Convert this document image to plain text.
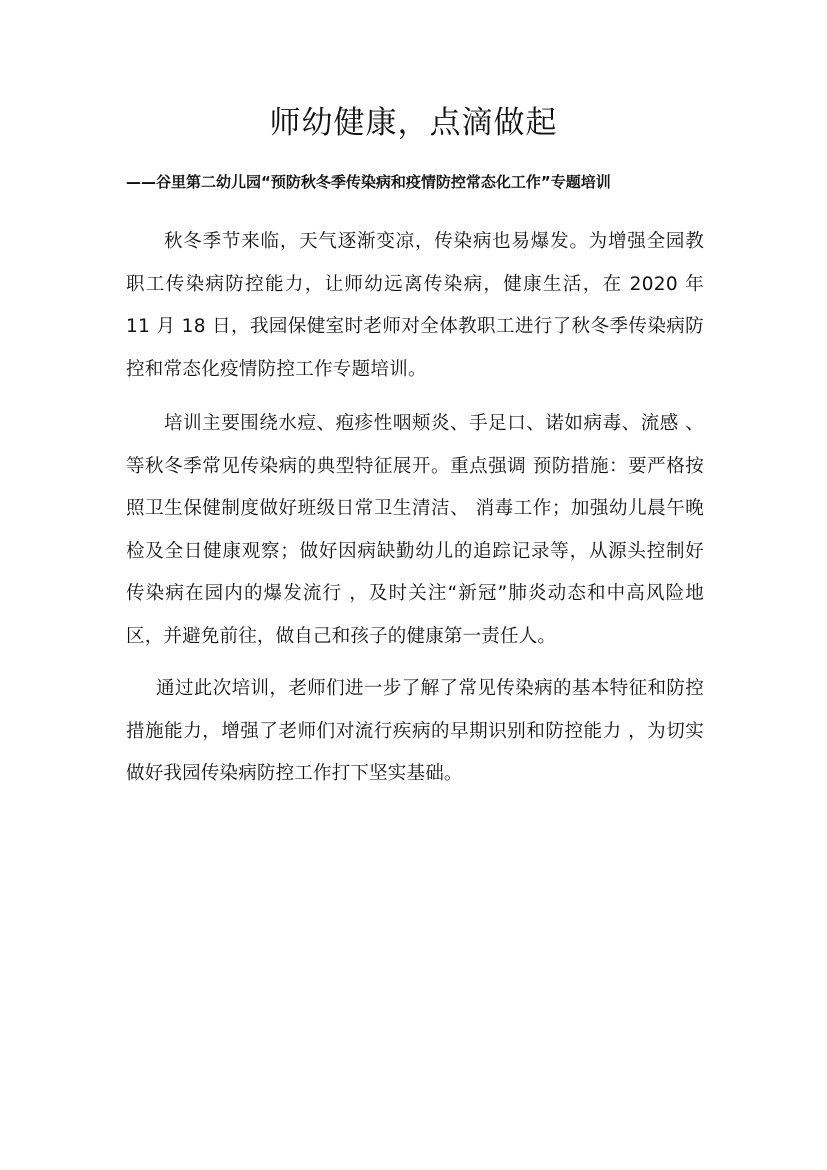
师幼健康，点滴做起
——谷里第二幼儿园“预防秋冬季传染病和疫情防控常态化工作”专题培训

秋冬季节来临，天气逐渐变凉，传染病也易爆发。为增强全园教职工传染病防控能力，让师幼远离传染病，健康生活，在 2020 年 11 月 18 日，我园保健室时老师对全体教职工进行了秋冬季传染病防控和常态化疫情防控工作专题培训。

培训主要围绕水痘、疱疹性咽颊炎、手足口、诺如病毒、流感 、等秋冬季常见传染病的典型特征展开。重点强调 预防措施：要严格按照卫生保健制度做好班级日常卫生清洁、 消毒工作；加强幼儿晨午晚检及全日健康观察；做好因病缺勤幼儿的追踪记录等，从源头控制好传染病在园内的爆发流行 ，及时关注“新冠”肺炎动态和中高风险地区，并避免前往，做自己和孩子的健康第一责任人。

通过此次培训，老师们进一步了解了常见传染病的基本特征和防控措施能力，增强了老师们对流行疾病的早期识别和防控能力 ，为切实做好我园传染病防控工作打下坚实基础。
